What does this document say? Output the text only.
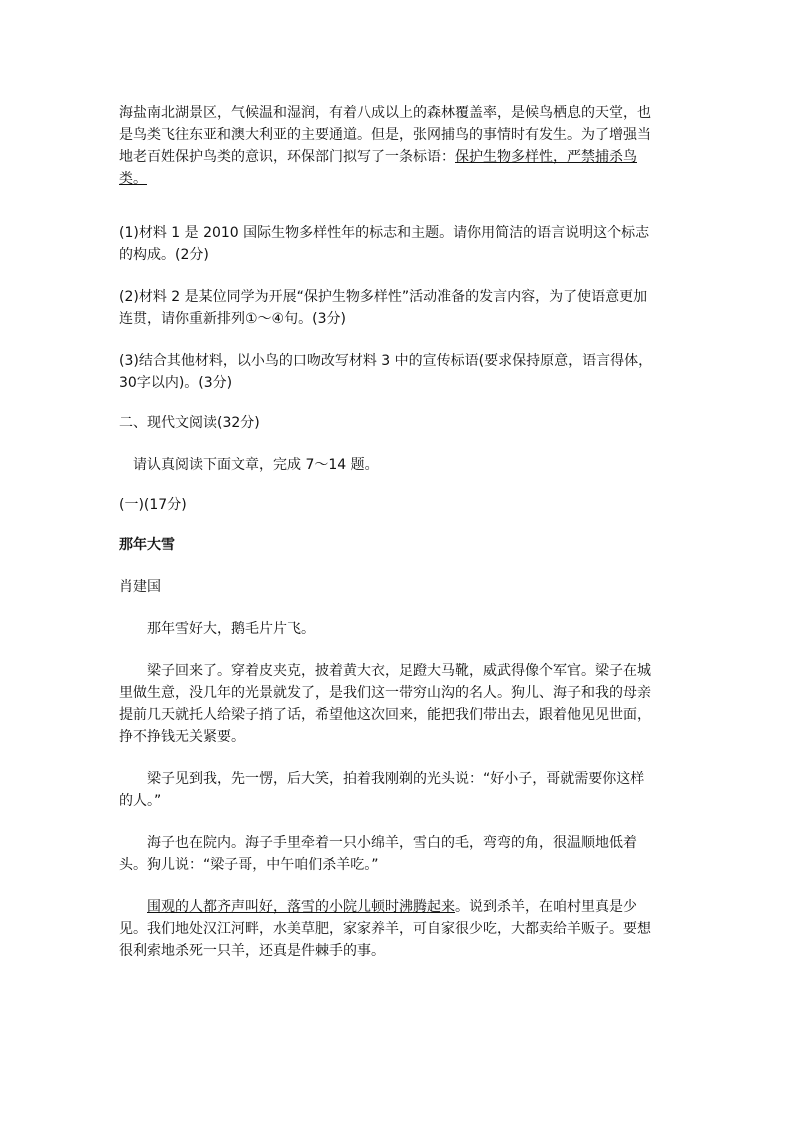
海盐南北湖景区，气候温和湿润，有着八成以上的森林覆盖率，是候鸟栖息的天堂，也是鸟类飞往东亚和澳大利亚的主要通道。但是，张网捕鸟的事情时有发生。为了增强当地老百姓保护鸟类的意识，环保部门拟写了一条标语：保护生物多样性，严禁捕杀鸟类。

(1)材料 1 是 2010 国际生物多样性年的标志和主题。请你用简洁的语言说明这个标志的构成。(2分)

(2)材料 2 是某位同学为开展“保护生物多样性”活动准备的发言内容，为了使语意更加连贯，请你重新排列①～④句。(3分)

(3)结合其他材料，以小鸟的口吻改写材料 3 中的宣传标语(要求保持原意，语言得体，30字以内)。(3分)

二、现代文阅读(32分)

请认真阅读下面文章，完成 7～14 题。

(一)(17分)

那年大雪

肖建国

那年雪好大，鹅毛片片飞。

梁子回来了。穿着皮夹克，披着黄大衣，足蹬大马靴，威武得像个军官。梁子在城里做生意，没几年的光景就发了，是我们这一带穷山沟的名人。狗儿、海子和我的母亲提前几天就托人给梁子捎了话，希望他这次回来，能把我们带出去，跟着他见见世面，挣不挣钱无关紧要。

梁子见到我，先一愣，后大笑，拍着我刚剃的光头说：“好小子，哥就需要你这样的人。”

海子也在院内。海子手里牵着一只小绵羊，雪白的毛，弯弯的角，很温顺地低着头。狗儿说：“梁子哥，中午咱们杀羊吃。”

围观的人都齐声叫好，落雪的小院儿顿时沸腾起来。说到杀羊，在咱村里真是少见。我们地处汉江河畔，水美草肥，家家养羊，可自家很少吃，大都卖给羊贩子。要想很利索地杀死一只羊，还真是件棘手的事。
